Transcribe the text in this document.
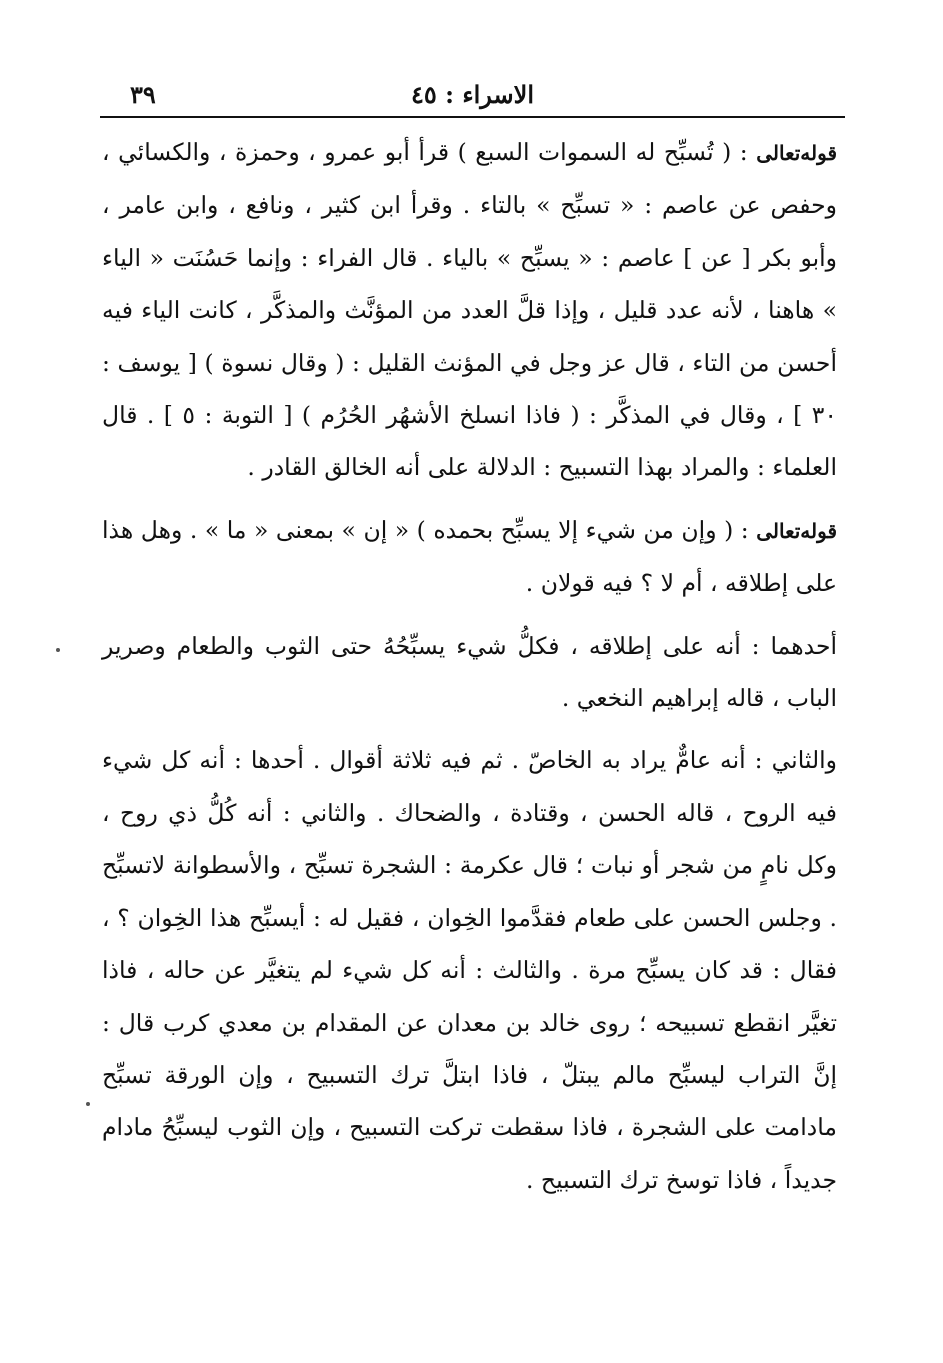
الاسراء : ٤٥
٣٩

قوله‌تعالى : ( تُسبِّح له السموات السبع ) قرأ أبو عمرو ، وحمزة ، والكسائي ، وحفص عن عاصم : « تسبِّح » بالتاء . وقرأ ابن كثير ، ونافع ، وابن عامر ، وأبو بكر [ عن ] عاصم : « يسبِّح » بالياء . قال الفراء : وإنما حَسُنَت « الياء » هاهنا ، لأنه عدد قليل ، وإذا قلَّ العدد من المؤنَّث والمذكَّر ، كانت الياء فيه أحسن من التاء ، قال عز وجل في المؤنث القليل : ( وقال نسوة ) [ يوسف : ٣٠ ] ، وقال في المذكَّر : ( فاذا انسلخ الأشهُر الحُرُم ) [ التوبة : ٥ ] . قال العلماء : والمراد بهذا التسبيح : الدلالة على أنه الخالق القادر .

قوله‌تعالى : ( وإن من شيء إلا يسبِّح بحمده ) « إن » بمعنى « ما » . وهل هذا على إطلاقه ، أم لا ؟ فيه قولان .

أحدهما : أنه على إطلاقه ، فكلُّ شيء يسبِّحُهُ حتى الثوب والطعام وصرير الباب ، قاله إبراهيم النخعي .

والثاني : أنه عامٌّ يراد به الخاصّ . ثم فيه ثلاثة أقوال . أحدها : أنه كل شيء فيه الروح ، قاله الحسن ، وقتادة ، والضحاك . والثاني : أنه كُلُّ ذي روح ، وكل نامٍ من شجر أو نبات ؛ قال عكرمة : الشجرة تسبِّح ، والأسطوانة لاتسبِّح . وجلس الحسن على طعام فقدَّموا الخِوان ، فقيل له : أيسبِّح هذا الخِوان ؟ ، فقال : قد كان يسبِّح مرة . والثالث : أنه كل شيء لم يتغيَّر عن حاله ، فاذا تغيَّر انقطع تسبيحه ؛ روى خالد بن معدان عن المقدام بن معدي كرب قال : إنَّ التراب ليسبِّح مالم يبتلّ ، فاذا ابتلَّ ترك التسبيح ، وإن الورقة تسبِّح مادامت على الشجرة ، فاذا سقطت تركت التسبيح ، وإن الثوب ليسبِّحُ مادام جديداً ، فاذا توسخ ترك التسبيح .
